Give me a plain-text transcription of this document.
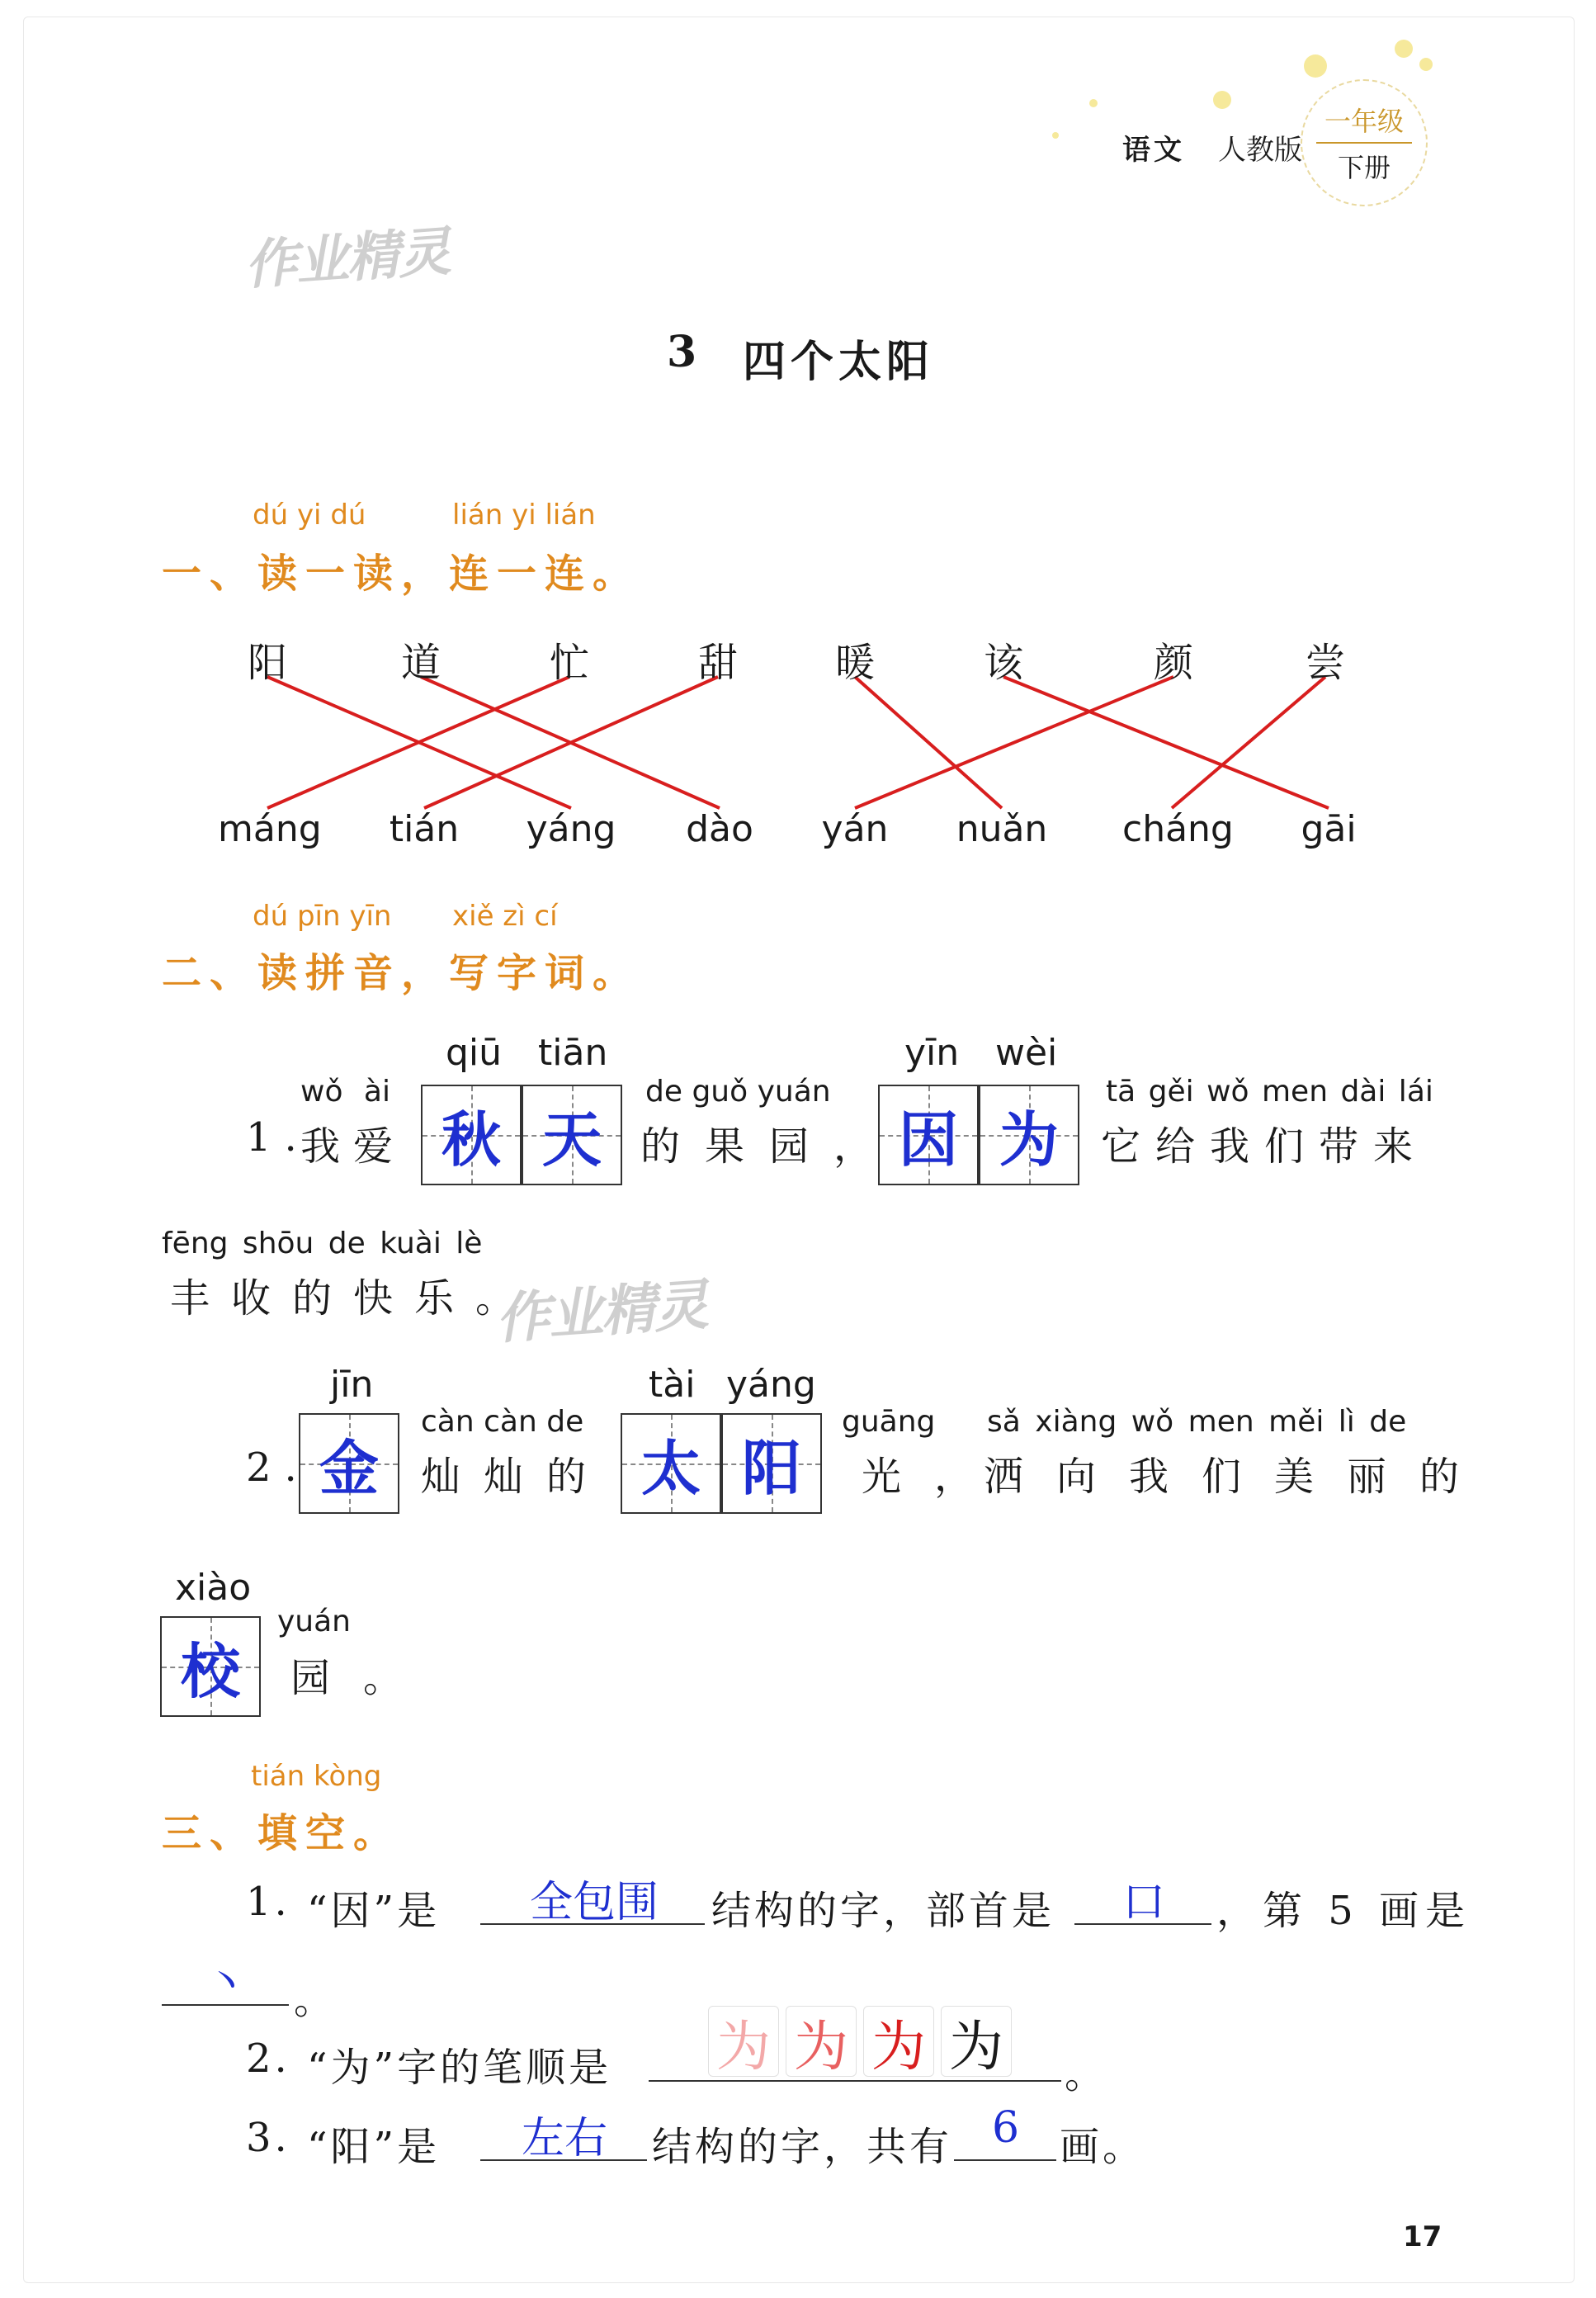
语文 人教版
一年级
下册
作业精灵
作业精灵
3 四个太阳
dú yi dú	lián yi lián
一、读一读，连一连。
阳	道	忙	甜 暖	该	颜	尝
máng	tián	yáng	dào	yán	nuǎn cháng	gāi
dú pīn yīn xiě zì cí
二、读拼音，写字词。
qiū tiān	yīn wèi
wǒ ài	de guǒ yuán	tā gěi wǒ men dài lái
1.
我爱 秋 天 的果园， 因 为	它给我们带来
fēng shōu de kuài lè
丰收的快乐。
jīn	tài yáng
càn càn de	guāng sǎ xiàng wǒ men měi lì de
2. 金	灿灿的 太 阳	光，
洒向我们美丽的
xiào
校
yuán
园。
tián kòng
三、填空。
1. “因”是 全包围 结构的字，部首是 口 ，第 5 画是
丶 。
2. “为”字的笔顺是 为 为 为 为 。
3. “阳”是 左右 结构的字，共有 6 画。
17
